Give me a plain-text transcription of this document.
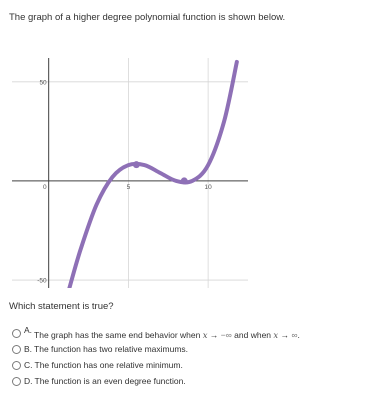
The graph of a higher degree polynomial function is shown below.
5	10
0
50
-50
Which statement is true?
A. The graph has the same end behavior when x → −∞ and when x → ∞.
B. The function has two relative maximums.
C. The function has one relative minimum.
D. The function is an even degree function.
